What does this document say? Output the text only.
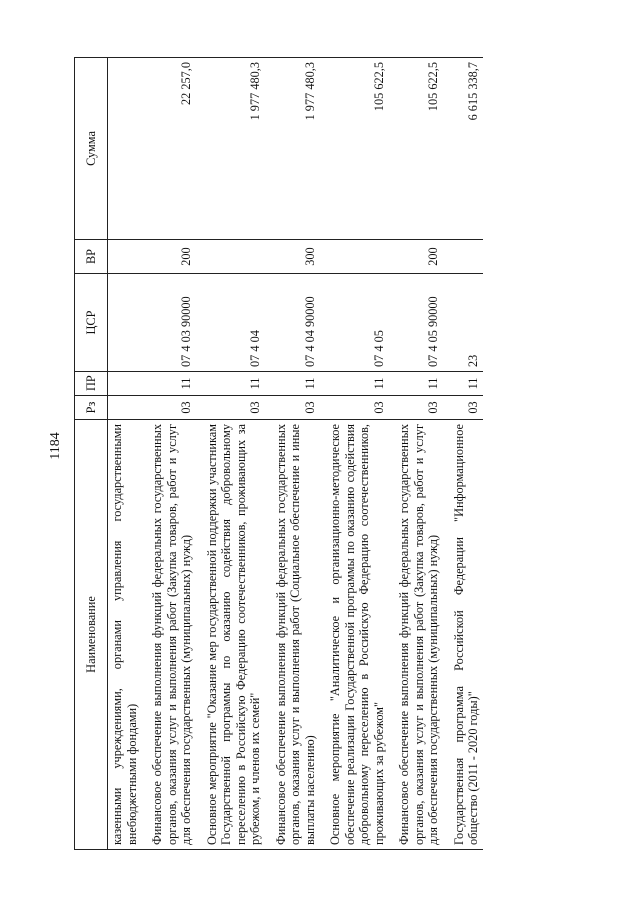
1184
Наименование	Рз	ПР	ЦСР	ВР	Сумма
казенными учреждениями, органами управления государственными внебюджетными фондами)					
Финансовое обеспечение выполнения функций федеральных государственных органов, оказания услуг и выполнения работ (Закупка товаров, работ и услуг для обеспечения государственных (муниципальных) нужд)	03	11	07 4 03 90000	200	22 257,0
Основное мероприятие "Оказание мер государственной поддержки участникам Государственной программы по оказанию содействия добровольному переселению в Российскую Федерацию соотечественников, проживающих за рубежом, и членов их семей"	03	11	07 4 04		1 977 480,3
Финансовое обеспечение выполнения функций федеральных государственных органов, оказания услуг и выполнения работ (Социальное обеспечение и иные выплаты населению)	03	11	07 4 04 90000	300	1 977 480,3
Основное мероприятие "Аналитическое и организационно-методическое обеспечение реализации Государственной программы по оказанию содействия добровольному переселению в Российскую Федерацию соотечественников, проживающих за рубежом"	03	11	07 4 05		105 622,5
Финансовое обеспечение выполнения функций федеральных государственных органов, оказания услуг и выполнения работ (Закупка товаров, работ и услуг для обеспечения государственных (муниципальных) нужд)	03	11	07 4 05 90000	200	105 622,5
Государственная программа Российской Федерации "Информационное общество (2011 - 2020 годы)"	03	11	23		6 615 338,7
